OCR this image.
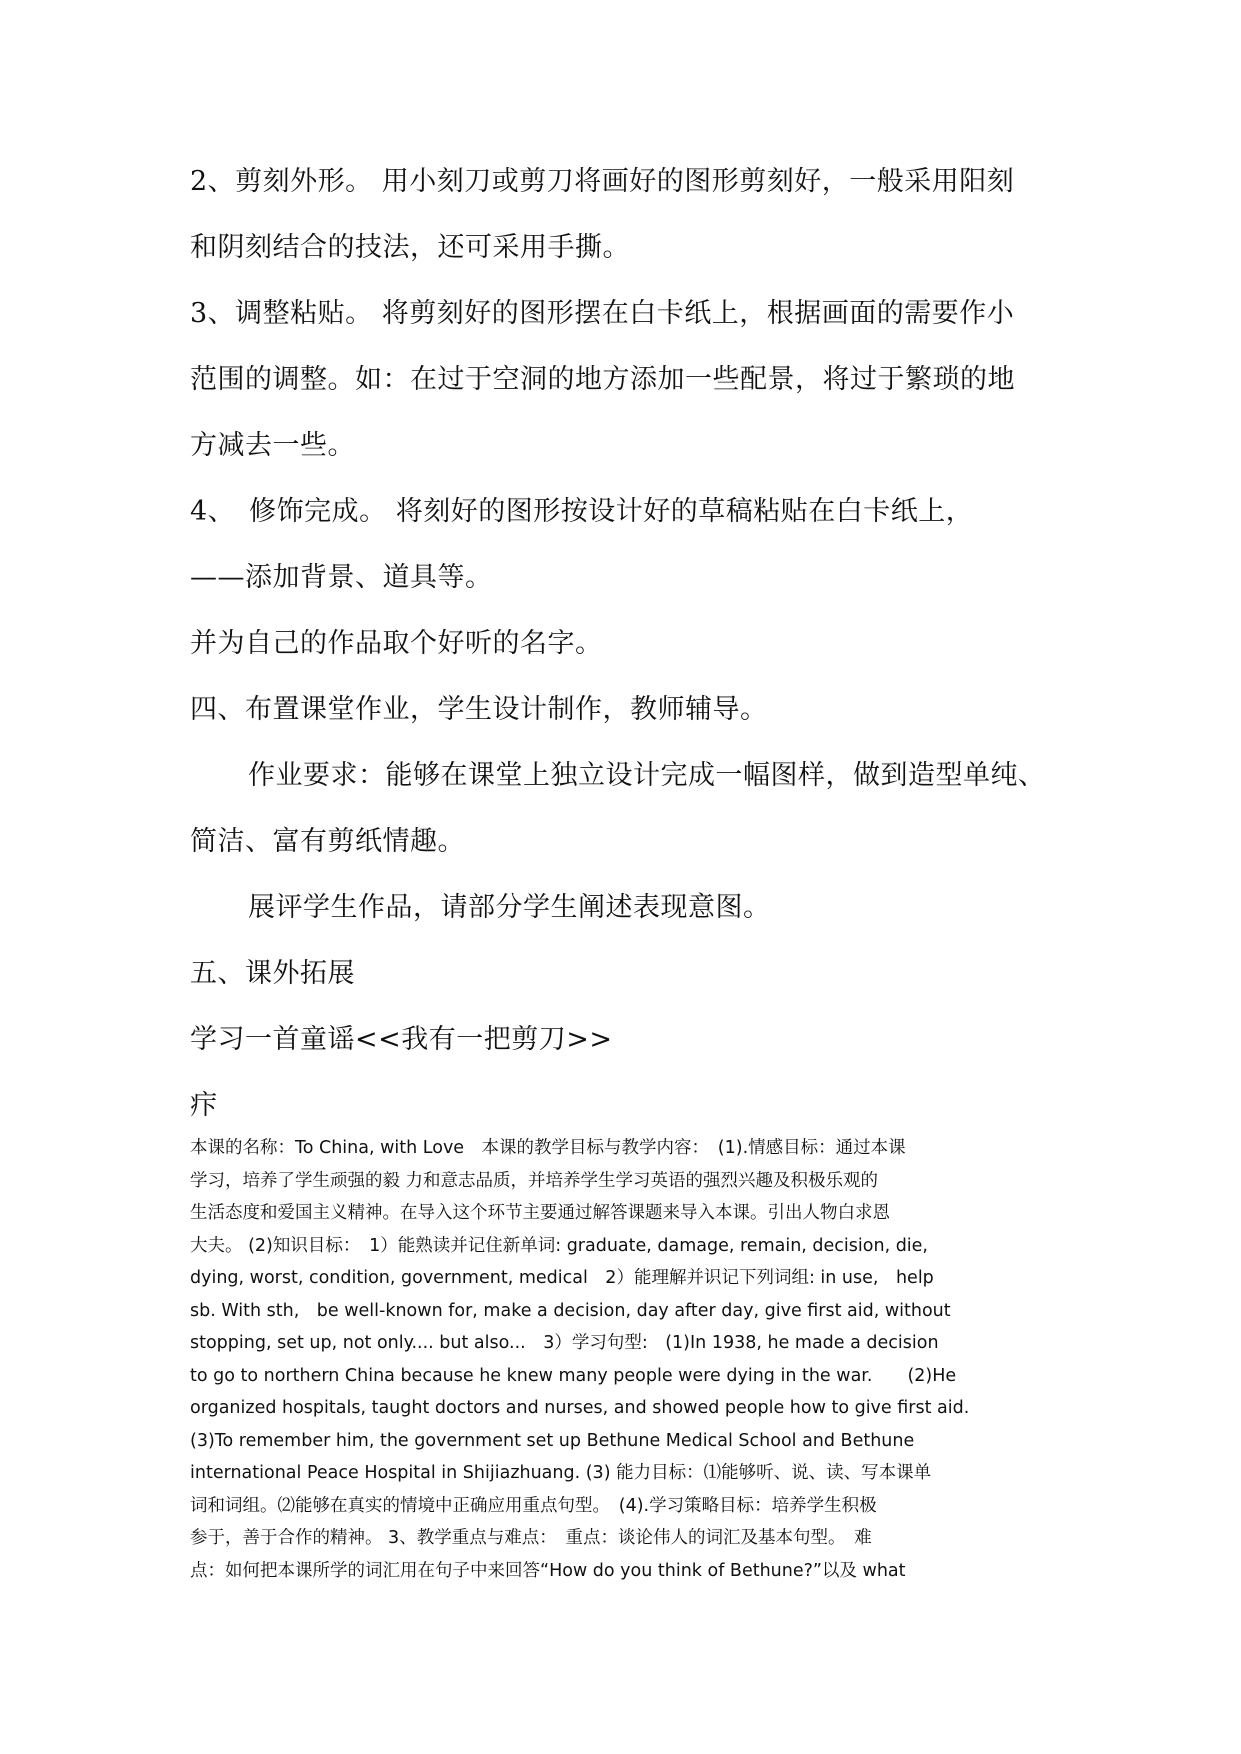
2、剪刻外形。 用小刻刀或剪刀将画好的图形剪刻好，一般采用阳刻
和阴刻结合的技法，还可采用手撕。
3、调整粘贴。 将剪刻好的图形摆在白卡纸上，根据画面的需要作小
范围的调整。如：在过于空洞的地方添加一些配景，将过于繁琐的地
方减去一些。
4、　修饰完成。 将刻好的图形按设计好的草稿粘贴在白卡纸上，
——添加背景、道具等。
并为自己的作品取个好听的名字。
四、布置课堂作业，学生设计制作，教师辅导。
作业要求：能够在课堂上独立设计完成一幅图样，做到造型单纯、
简洁、富有剪纸情趣。
展评学生作品，请部分学生阐述表现意图。
五、课外拓展
学习一首童谣<<我有一把剪刀>>
疜
本课的名称：To China, with Love　本课的教学目标与教学内容：　(1).情感目标：通过本课
学习，培养了学生顽强的毅 力和意志品质，并培养学生学习英语的强烈兴趣及积极乐观的
生活态度和爱国主义精神。在导入这个环节主要通过解答课题来导入本课。引出人物白求恩
大夫。 (2)知识目标：　1）能熟读并记住新单词: graduate, damage, remain, decision, die,
dying, worst, condition, government, medical　2）能理解并识记下列词组: in use,　help
sb. With sth,　be well-known for, make a decision, day after day, give first aid, without
stopping, set up, not only.... but also...　3）学习句型:　(1)In 1938, he made a decision
to go to northern China because he knew many people were dying in the war.　　(2)He
organized hospitals, taught doctors and nurses, and showed people how to give first aid.
(3)To remember him, the government set up Bethune Medical School and Bethune
international Peace Hospital in Shijiazhuang. (3) 能力目标：⑴能够听、说、读、写本课单
词和词组。⑵能够在真实的情境中正确应用重点句型。　(4).学习策略目标：培养学生积极
参于，善于合作的精神。 3、教学重点与难点：　重点：谈论伟人的词汇及基本句型。　难
点：如何把本课所学的词汇用在句子中来回答“How do you think of Bethune?”以及 what
